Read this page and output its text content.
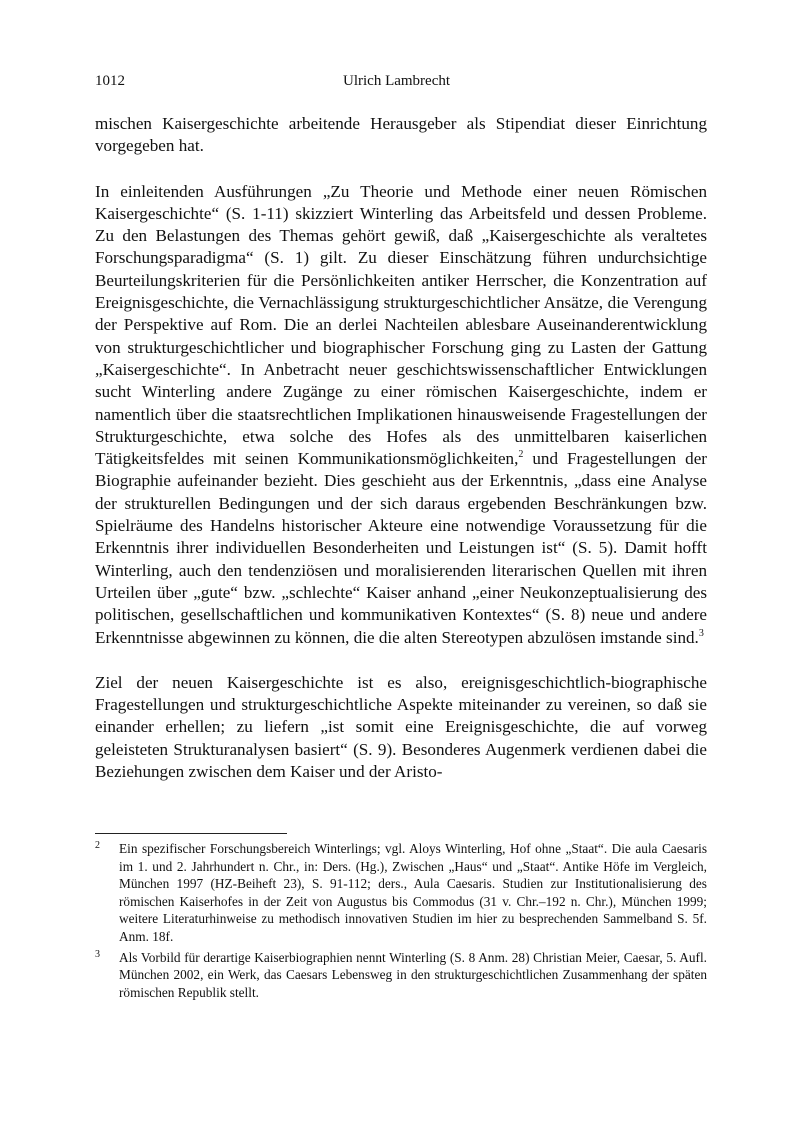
1012	Ulrich Lambrecht

mischen Kaisergeschichte arbeitende Herausgeber als Stipendiat dieser Einrichtung vorgegeben hat.

In einleitenden Ausführungen „Zu Theorie und Methode einer neuen Römischen Kaisergeschichte“ (S. 1-11) skizziert Winterling das Arbeitsfeld und dessen Probleme. Zu den Belastungen des Themas gehört gewiß, daß „Kaisergeschichte als veraltetes Forschungsparadigma“ (S. 1) gilt. Zu dieser Einschätzung führen undurchsichtige Beurteilungskriterien für die Persönlichkeiten antiker Herrscher, die Konzentration auf Ereignisgeschichte, die Vernachlässigung strukturgeschichtlicher Ansätze, die Verengung der Perspektive auf Rom. Die an derlei Nachteilen ablesbare Auseinanderentwicklung von strukturgeschichtlicher und biographischer Forschung ging zu Lasten der Gattung „Kaisergeschichte“. In Anbetracht neuer geschichtswissenschaftlicher Entwicklungen sucht Winterling andere Zugänge zu einer römischen Kaisergeschichte, indem er namentlich über die staatsrechtlichen Implikationen hinausweisende Fragestellungen der Strukturgeschichte, etwa solche des Hofes als des unmittelbaren kaiserlichen Tätigkeitsfeldes mit seinen Kommunikationsmöglichkeiten,$^2$ und Fragestellungen der Biographie aufeinander bezieht. Dies geschieht aus der Erkenntnis, „dass eine Analyse der strukturellen Bedingungen und der sich daraus ergebenden Beschränkungen bzw. Spielräume des Handelns historischer Akteure eine notwendige Voraussetzung für die Erkenntnis ihrer individuellen Besonderheiten und Leistungen ist“ (S. 5). Damit hofft Winterling, auch den tendenziösen und moralisierenden literarischen Quellen mit ihren Urteilen über „gute“ bzw. „schlechte“ Kaiser anhand „einer Neukonzeptualisierung des politischen, gesellschaftlichen und kommunikativen Kontextes“ (S. 8) neue und andere Erkenntnisse abgewinnen zu können, die die alten Stereotypen abzulösen imstande sind.$^3$

Ziel der neuen Kaisergeschichte ist es also, ereignisgeschichtlich-biographische Fragestellungen und strukturgeschichtliche Aspekte miteinander zu vereinen, so daß sie einander erhellen; zu liefern „ist somit eine Ereignisgeschichte, die auf vorweg geleisteten Strukturanalysen basiert“ (S. 9). Besonderes Augenmerk verdienen dabei die Beziehungen zwischen dem Kaiser und der Aristo-

2 Ein spezifischer Forschungsbereich Winterlings; vgl. Aloys Winterling, Hof ohne „Staat“. Die aula Caesaris im 1. und 2. Jahrhundert n. Chr., in: Ders. (Hg.), Zwischen „Haus“ und „Staat“. Antike Höfe im Vergleich, München 1997 (HZ-Beiheft 23), S. 91-112; ders., Aula Caesaris. Studien zur Institutionalisierung des römischen Kaiserhofes in der Zeit von Augustus bis Commodus (31 v. Chr.–192 n. Chr.), München 1999; weitere Literaturhinweise zu methodisch innovativen Studien im hier zu besprechenden Sammelband S. 5f. Anm. 18f.
3 Als Vorbild für derartige Kaiserbiographien nennt Winterling (S. 8 Anm. 28) Christian Meier, Caesar, 5. Aufl. München 2002, ein Werk, das Caesars Lebensweg in den strukturgeschichtlichen Zusammenhang der späten römischen Republik stellt.
